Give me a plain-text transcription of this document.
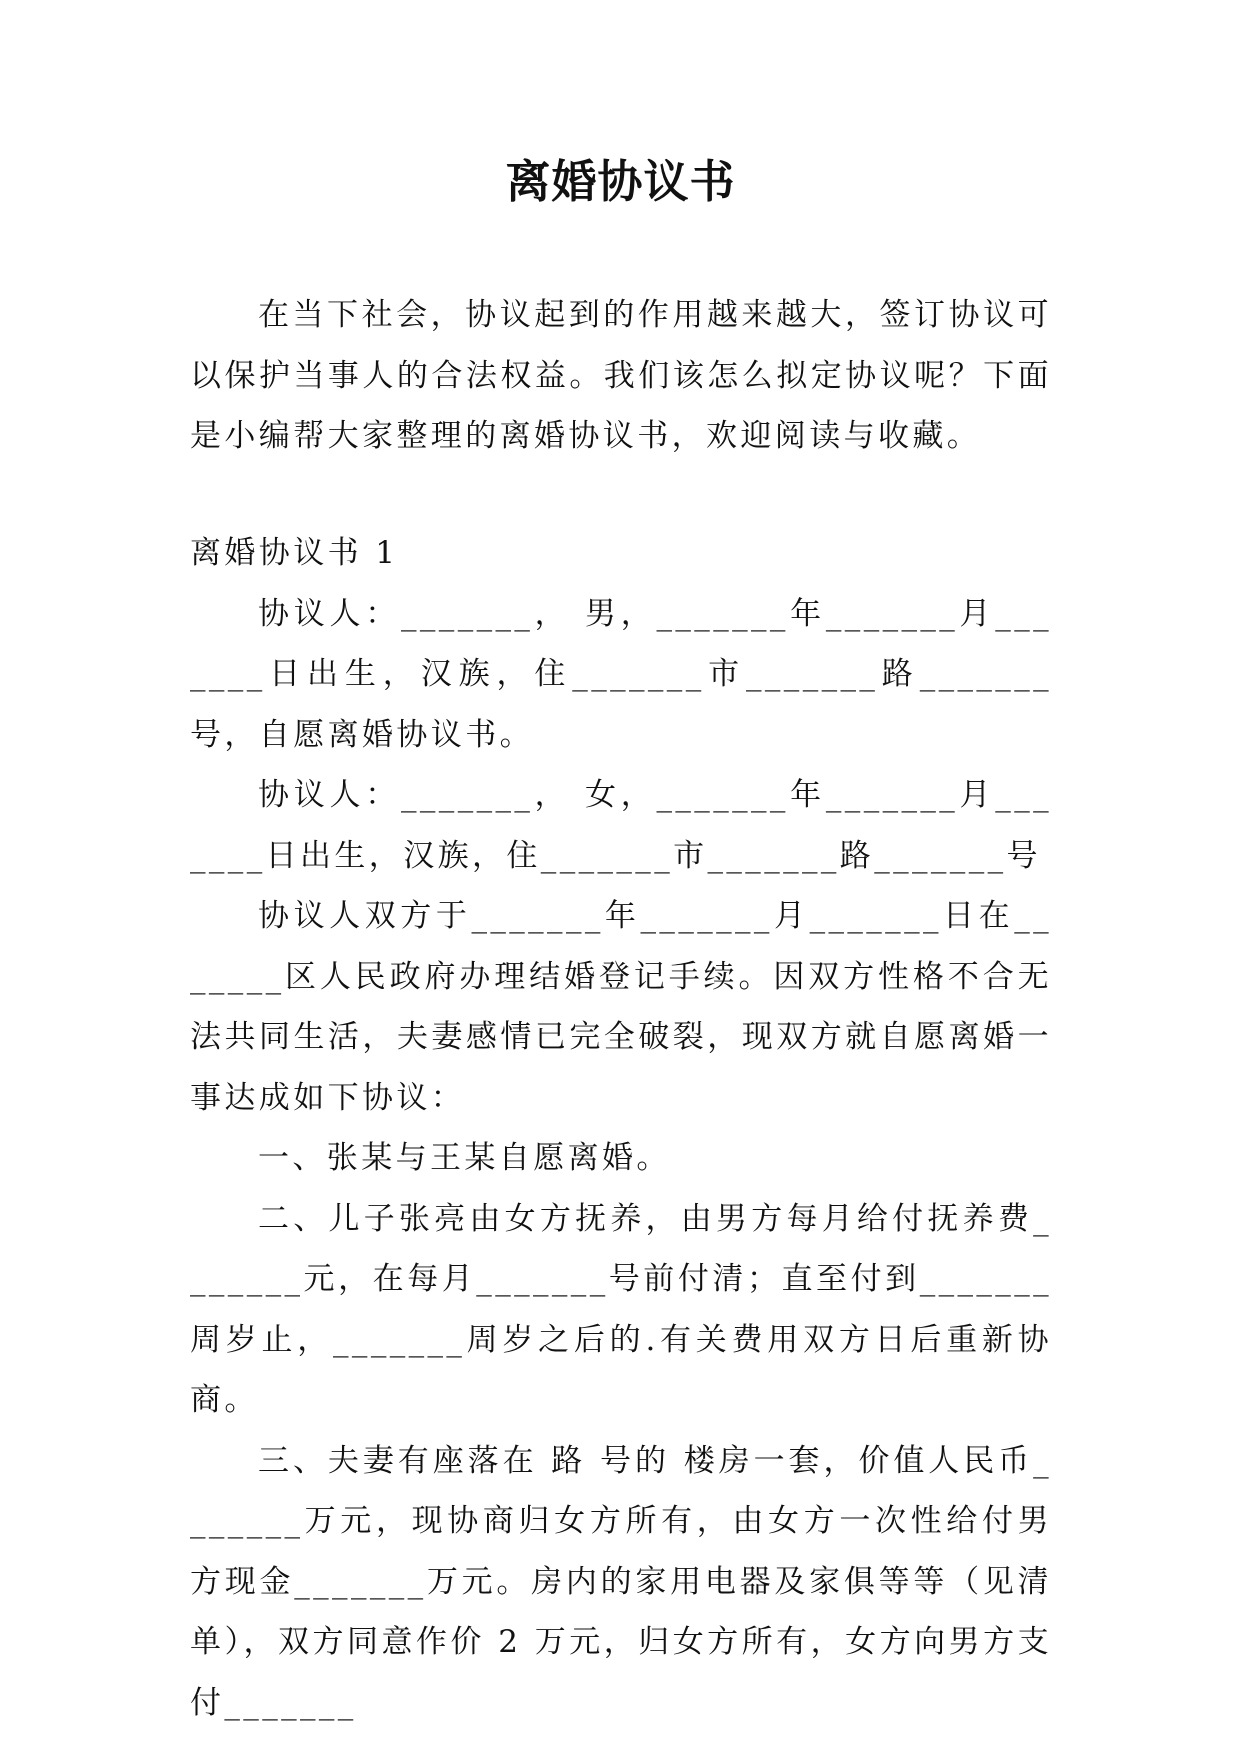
离婚协议书

在当下社会，协议起到的作用越来越大，签订协议可以保护当事人的合法权益。我们该怎么拟定协议呢？下面是小编帮大家整理的离婚协议书，欢迎阅读与收藏。

离婚协议书 1

协议人：_______， 男，_______年_______月_______日出生，汉族，住_______市_______路_______号，自愿离婚协议书。

协议人：_______， 女，_______年_______月_______日出生，汉族，住_______市_______路_______号

协议人双方于_______年_______月_______日在_______区人民政府办理结婚登记手续。因双方性格不合无法共同生活，夫妻感情已完全破裂，现双方就自愿离婚一事达成如下协议：

一、张某与王某自愿离婚。

二、儿子张亮由女方抚养，由男方每月给付抚养费_______元，在每月_______号前付清；直至付到_______周岁止，_______周岁之后的.有关费用双方日后重新协商。

三、夫妻有座落在 路 号的 楼房一套，价值人民币_______万元，现协商归女方所有，由女方一次性给付男方现金_______万元。房内的家用电器及家俱等等（见清单），双方同意作价 2 万元，归女方所有，女方向男方支付_______
